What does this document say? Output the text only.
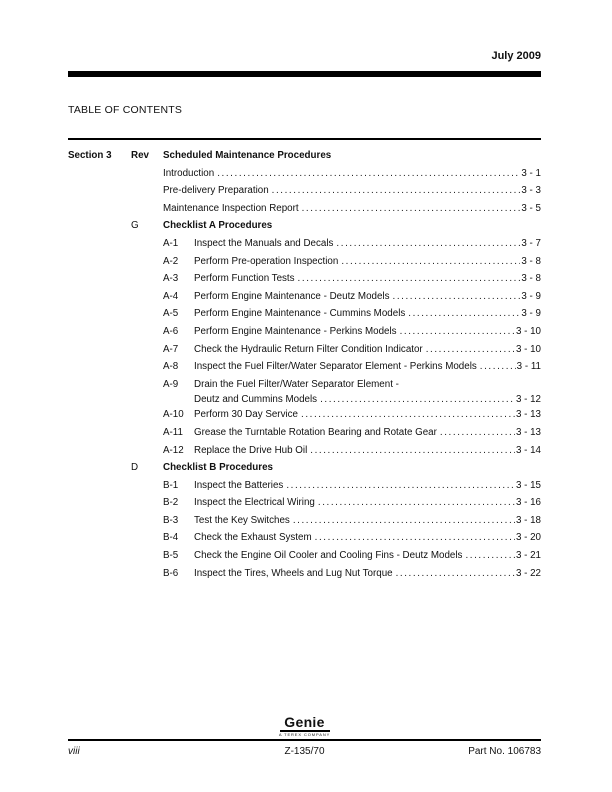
July 2009
TABLE OF CONTENTS
Section 3	Rev	Scheduled Maintenance Procedures
Introduction .....	3 - 1
Pre-delivery Preparation .....	3 - 3
Maintenance Inspection Report .....	3 - 5
G	Checklist A Procedures
A-1	Inspect the Manuals and Decals .....	3 - 7
A-2	Perform Pre-operation Inspection .....	3 - 8
A-3	Perform Function Tests .....	3 - 8
A-4	Perform Engine Maintenance - Deutz Models .....	3 - 9
A-5	Perform Engine Maintenance - Cummins Models .....	3 - 9
A-6	Perform Engine Maintenance - Perkins Models .....	3 - 10
A-7	Check the Hydraulic Return Filter Condition Indicator .....	3 - 10
A-8	Inspect the Fuel Filter/Water Separator Element - Perkins Models .....	3 - 11
A-9	Drain the Fuel Filter/Water Separator Element -
Deutz and Cummins Models .....	3 - 12
A-10	Perform 30 Day Service .....	3 - 13
A-11	Grease the Turntable Rotation Bearing and Rotate Gear .....	3 - 13
A-12	Replace the Drive Hub Oil .....	3 - 14
D	Checklist B Procedures
B-1	Inspect the Batteries .....	3 - 15
B-2	Inspect the Electrical Wiring .....	3 - 16
B-3	Test the Key Switches .....	3 - 18
B-4	Check the Exhaust System .....	3 - 20
B-5	Check the Engine Oil Cooler and Cooling Fins - Deutz Models .....	3 - 21
B-6	Inspect the Tires, Wheels and Lug Nut Torque .....	3 - 22
Genie
A TEREX COMPANY
viii	Z-135/70	Part No. 106783
